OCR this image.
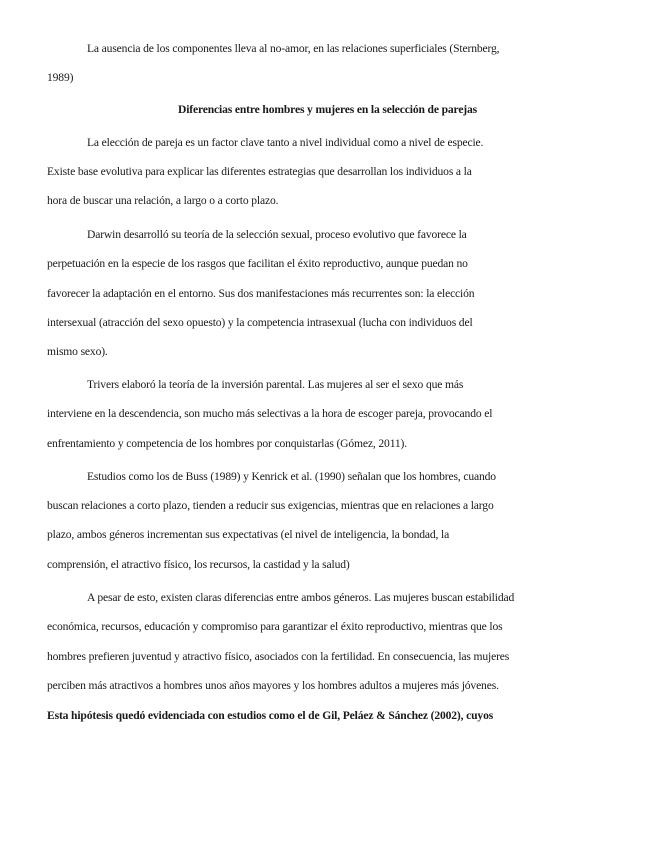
La ausencia de los componentes lleva al no-amor, en las relaciones superficiales (Sternberg,
1989)
Diferencias entre hombres y mujeres en la selección de parejas
La elección de pareja es un factor clave tanto a nivel individual como a nivel de especie.
Existe base evolutiva para explicar las diferentes estrategias que desarrollan los individuos a la
hora de buscar una relación, a largo o a corto plazo.
Darwin desarrolló su teoría de la selección sexual, proceso evolutivo que favorece la
perpetuación en la especie de los rasgos que facilitan el éxito reproductivo, aunque puedan no
favorecer la adaptación en el entorno. Sus dos manifestaciones más recurrentes son: la elección
intersexual (atracción del sexo opuesto) y la competencia intrasexual (lucha con individuos del
mismo sexo).
Trivers elaboró la teoría de la inversión parental. Las mujeres al ser el sexo que más
interviene en la descendencia, son mucho más selectivas a la hora de escoger pareja, provocando el
enfrentamiento y competencia de los hombres por conquistarlas (Gómez, 2011).
Estudios como los de Buss (1989) y Kenrick et al. (1990) señalan que los hombres, cuando
buscan relaciones a corto plazo, tienden a reducir sus exigencias, mientras que en relaciones a largo
plazo, ambos géneros incrementan sus expectativas (el nivel de inteligencia, la bondad, la
comprensión, el atractivo físico, los recursos, la castidad y la salud)
A pesar de esto, existen claras diferencias entre ambos géneros. Las mujeres buscan estabilidad
económica, recursos, educación y compromiso para garantizar el éxito reproductivo, mientras que los
hombres prefieren juventud y atractivo físico, asociados con la fertilidad. En consecuencia, las mujeres
perciben más atractivos a hombres unos años mayores y los hombres adultos a mujeres más jóvenes.
Esta hipótesis quedó evidenciada con estudios como el de Gil, Peláez & Sánchez (2002), cuyos
